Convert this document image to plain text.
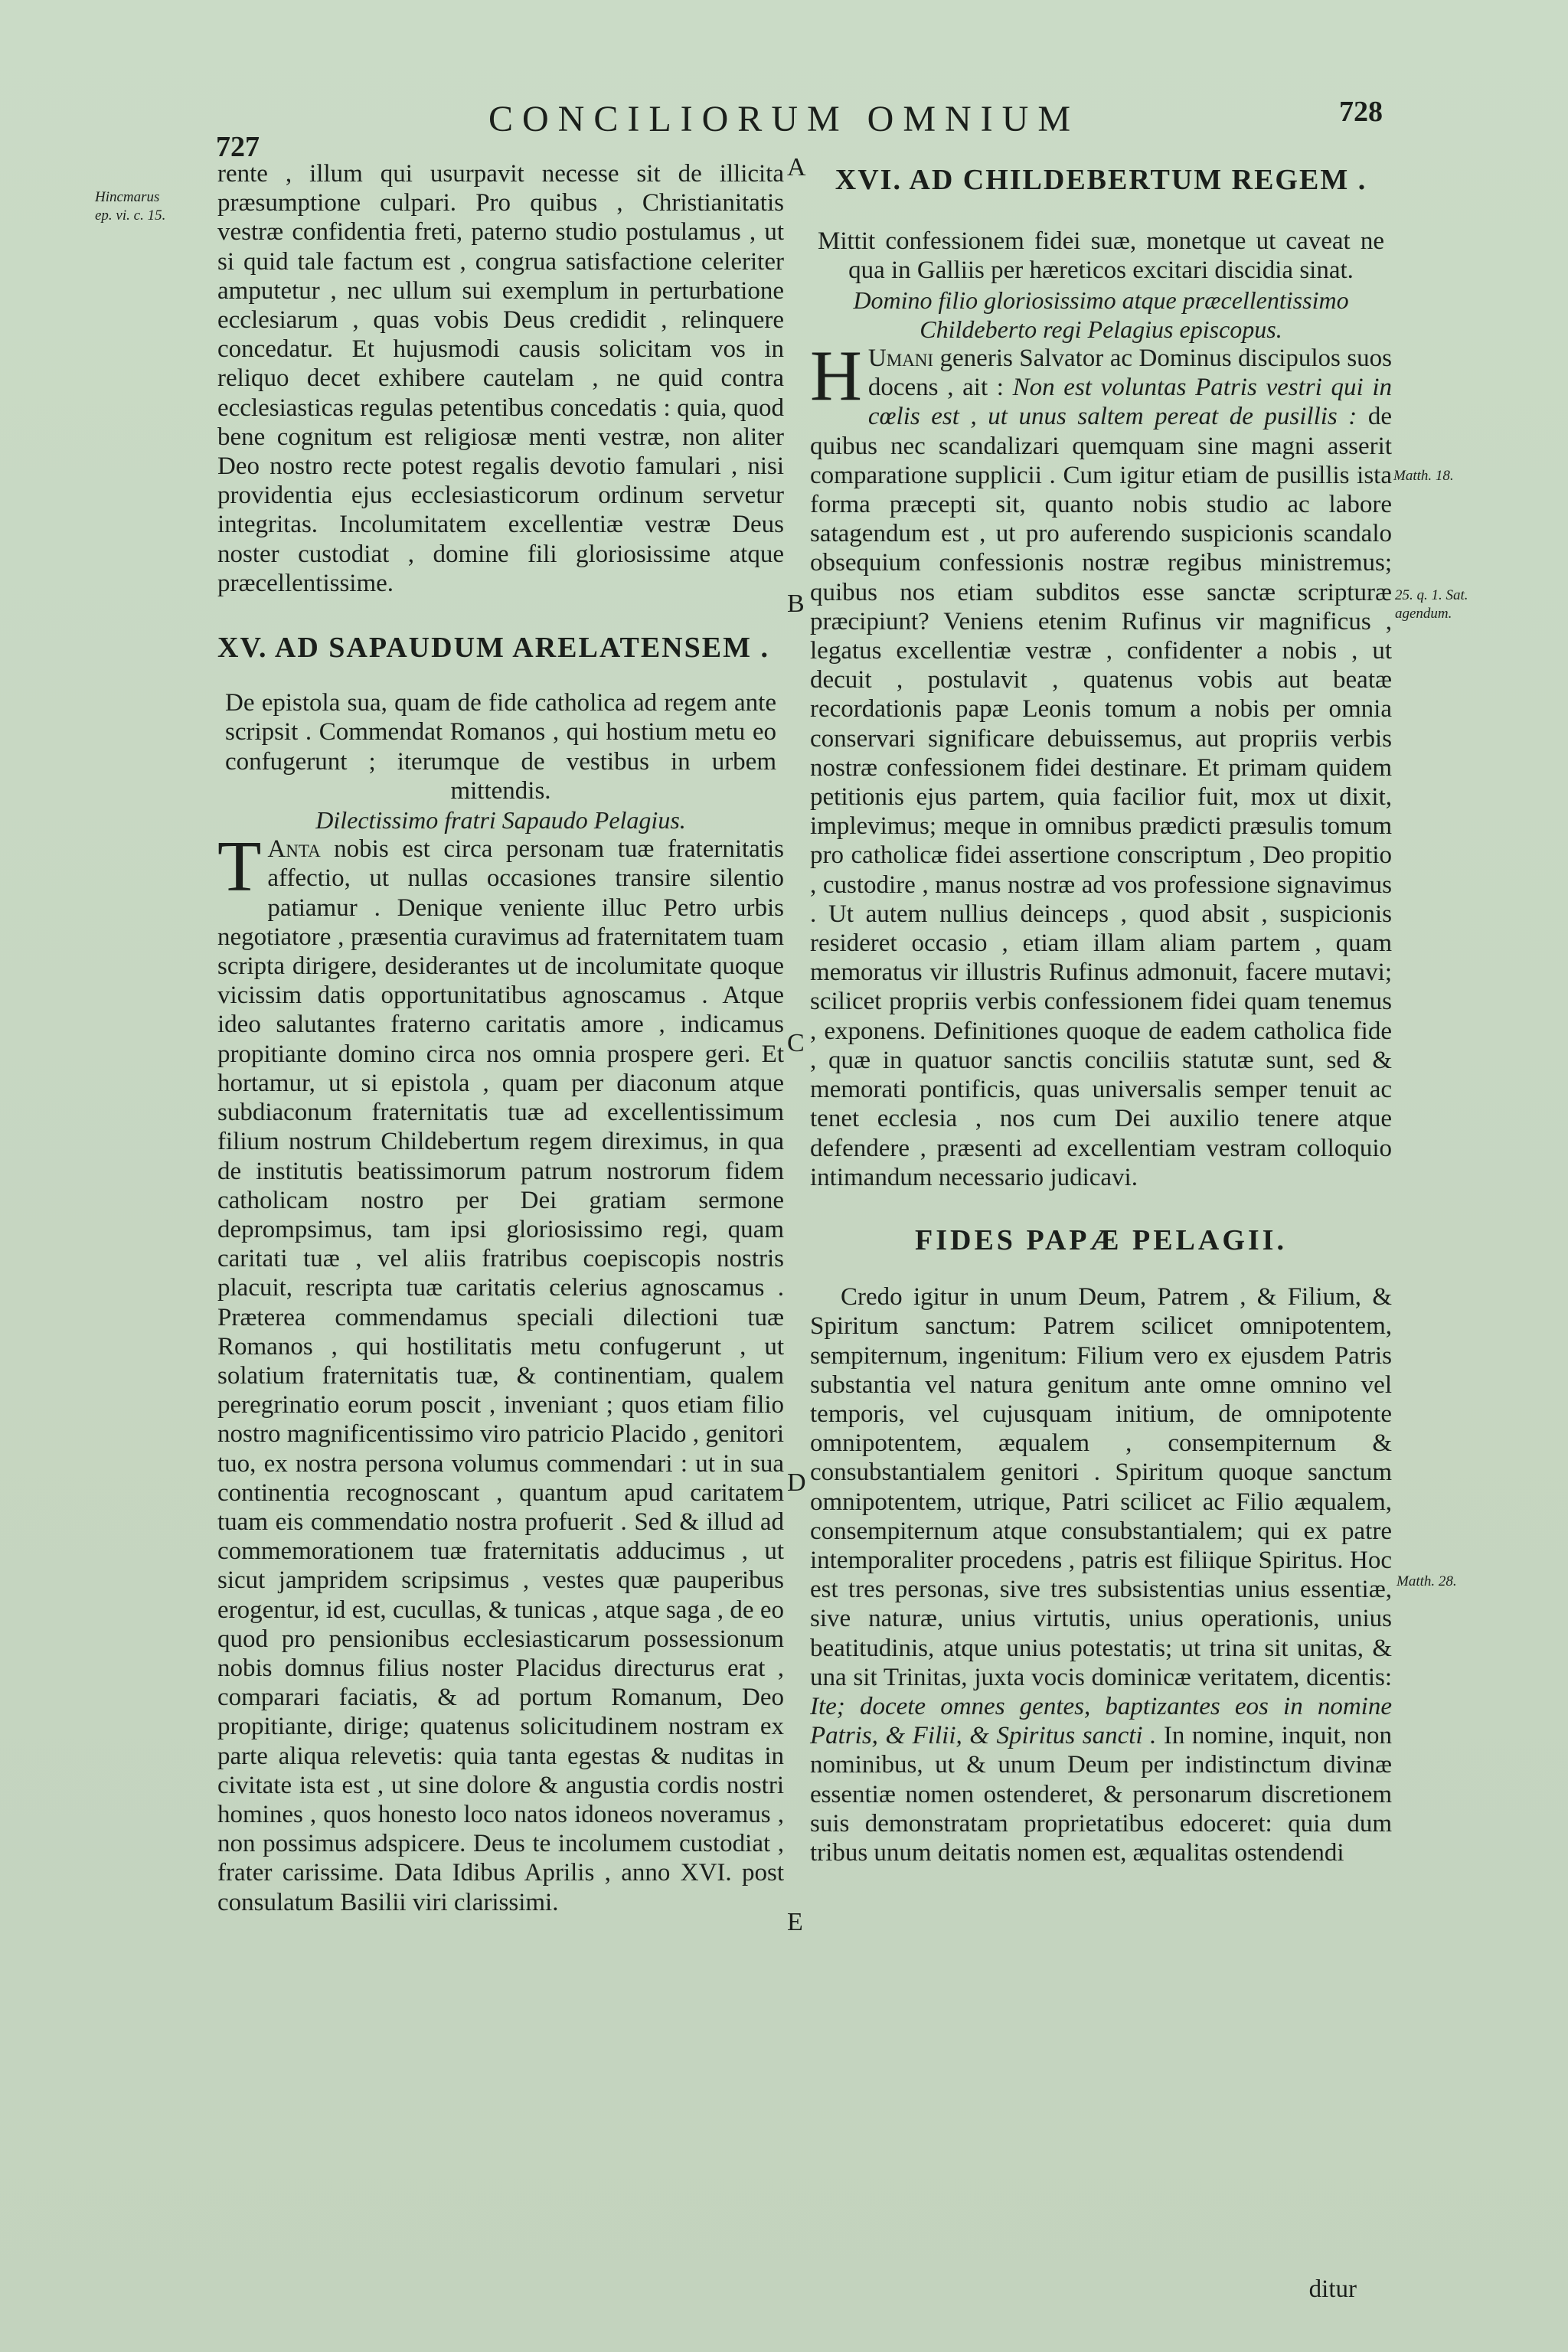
727
CONCILIORUM OMNIUM	728
Hincmarus
ep. vi. c. 15.
Matth. 18.
25. q. 1. Sat.
agendum.
Matth. 28.
A
B
C
D
E

rente , illum qui usurpavit necesse sit de illicita præsumptione culpari. Pro quibus , Christianitatis vestræ confidentia freti, paterno studio postulamus , ut si quid tale factum est , congrua satisfactione celeriter amputetur , nec ullum sui exemplum in perturbatione ecclesiarum , quas vobis Deus credidit , relinquere concedatur. Et hujusmodi causis solicitam vos in reliquo decet exhibere cautelam , ne quid contra ecclesiasticas regulas petentibus concedatis : quia, quod bene cognitum est religiosæ menti vestræ, non aliter Deo nostro recte potest regalis devotio famulari , nisi providentia ejus ecclesiasticorum ordinum servetur integritas. Incolumitatem excellentiæ vestræ Deus noster custodiat , domine fili gloriosissime atque præcellentissime.

XV. AD SAPAUDUM ARELATENSEM .

De epistola sua, quam de fide catholica ad regem ante scripsit . Commendat Romanos , qui hostium metu eo confugerunt ; iterumque de vestibus in urbem mittendis.

Dilectissimo fratri Sapaudo Pelagius.

T Anta nobis est circa personam tuæ fraternitatis affectio, ut nullas occasiones transire silentio patiamur . Denique veniente illuc Petro urbis negotiatore , præsentia curavimus ad fraternitatem tuam scripta dirigere, desiderantes ut de incolumitate quoque vicissim datis opportunitatibus agnoscamus . Atque ideo salutantes fraterno caritatis amore , indicamus propitiante domino circa nos omnia prospere geri. Et hortamur, ut si epistola , quam per diaconum atque subdiaconum fraternitatis tuæ ad excellentissimum filium nostrum Childebertum regem direximus, in qua de institutis beatissimorum patrum nostrorum fidem catholicam nostro per Dei gratiam sermone deprompsimus, tam ipsi gloriosissimo regi, quam caritati tuæ , vel aliis fratribus coepiscopis nostris placuit, rescripta tuæ caritatis celerius agnoscamus . Præterea commendamus speciali dilectioni tuæ Romanos , qui hostilitatis metu confugerunt , ut solatium fraternitatis tuæ, & continentiam, qualem peregrinatio eorum poscit , inveniant ; quos etiam filio nostro magnificentissimo viro patricio Placido , genitori tuo, ex nostra persona volumus commendari : ut in sua continentia recognoscant , quantum apud caritatem tuam eis commendatio nostra profuerit . Sed & illud ad commemorationem tuæ fraternitatis adducimus , ut sicut jampridem scripsimus , vestes quæ pauperibus erogentur, id est, cucullas, & tunicas , atque saga , de eo quod pro pensionibus ecclesiasticarum possessionum nobis domnus filius noster Placidus directurus erat , comparari faciatis, & ad portum Romanum, Deo propitiante, dirige; quatenus solicitudinem nostram ex parte aliqua relevetis: quia tanta egestas & nuditas in civitate ista est , ut sine dolore & angustia cordis nostri homines , quos honesto loco natos idoneos noveramus , non possimus adspicere. Deus te incolumem custodiat , frater carissime. Data Idibus Aprilis , anno XVI. post consulatum Basilii viri clarissimi.

XVI. AD CHILDEBERTUM REGEM .

Mittit confessionem fidei suæ, monetque ut caveat ne qua in Galliis per hæreticos excitari discidia sinat.

Domino filio gloriosissimo atque præcellentissimo Childeberto regi Pelagius episcopus.

H Umani generis Salvator ac Dominus discipulos suos docens , ait : Non est voluntas Patris vestri qui in cœlis est , ut unus saltem pereat de pusillis : de quibus nec scandalizari quemquam sine magni asserit comparatione supplicii . Cum igitur etiam de pusillis ista forma præcepti sit, quanto nobis studio ac labore satagendum est , ut pro auferendo suspicionis scandalo obsequium confessionis nostræ regibus ministremus; quibus nos etiam subditos esse sanctæ scripturæ præcipiunt? Veniens etenim Rufinus vir magnificus , legatus excellentiæ vestræ , confidenter a nobis , ut decuit , postulavit , quatenus vobis aut beatæ recordationis papæ Leonis tomum a nobis per omnia conservari significare debuissemus, aut propriis verbis nostræ confessionem fidei destinare. Et primam quidem petitionis ejus partem, quia facilior fuit, mox ut dixit, implevimus; meque in omnibus prædicti præsulis tomum pro catholicæ fidei assertione conscriptum , Deo propitio , custodire , manus nostræ ad vos professione signavimus . Ut autem nullius deinceps , quod absit , suspicionis resideret occasio , etiam illam aliam partem , quam memoratus vir illustris Rufinus admonuit, facere mutavi; scilicet propriis verbis confessionem fidei quam tenemus , exponens. Definitiones quoque de eadem catholica fide , quæ in quatuor sanctis conciliis statutæ sunt, sed & memorati pontificis, quas universalis semper tenuit ac tenet ecclesia , nos cum Dei auxilio tenere atque defendere , præsenti ad excellentiam vestram colloquio intimandum necessario judicavi.

FIDES PAPÆ PELAGII.

Credo igitur in unum Deum, Patrem , & Filium, & Spiritum sanctum: Patrem scilicet omnipotentem, sempiternum, ingenitum: Filium vero ex ejusdem Patris substantia vel natura genitum ante omne omnino vel temporis, vel cujusquam initium, de omnipotente omnipotentem, æqualem , consempiternum & consubstantialem genitori . Spiritum quoque sanctum omnipotentem, utrique, Patri scilicet ac Filio æqualem, consempiternum atque consubstantialem; qui ex patre intemporaliter procedens , patris est filiique Spiritus. Hoc est tres personas, sive tres subsistentias unius essentiæ, sive naturæ, unius virtutis, unius operationis, unius beatitudinis, atque unius potestatis; ut trina sit unitas, & una sit Trinitas, juxta vocis dominicæ veritatem, dicentis: Ite; docete omnes gentes, baptizantes eos in nomine Patris, & Filii, & Spiritus sancti . In nomine, inquit, non nominibus, ut & unum Deum per indistinctum divinæ essentiæ nomen ostenderet, & personarum discretionem suis demonstratam proprietatibus edoceret: quia dum tribus unum deitatis nomen est, æqualitas ostendendi

ditur
